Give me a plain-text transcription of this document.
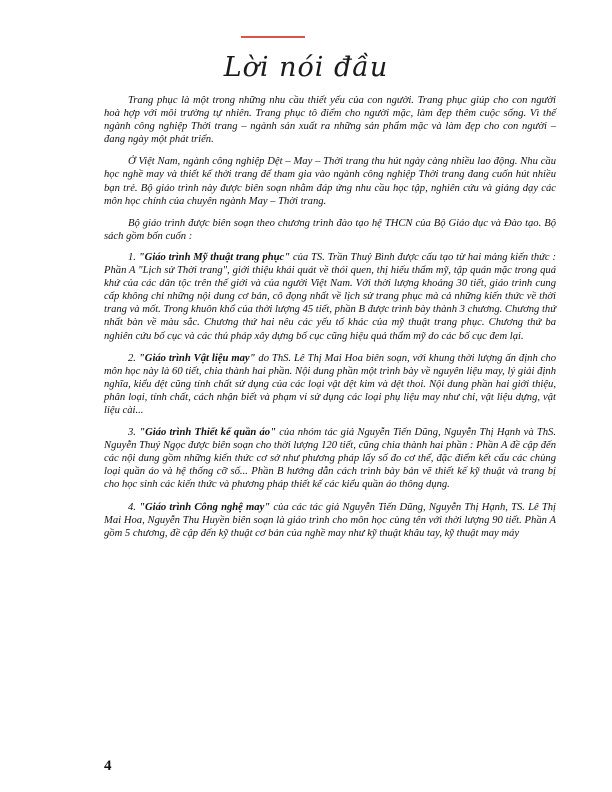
Lời nói đầu

Trang phục là một trong những nhu cầu thiết yếu của con người. Trang phục giúp cho con người hoà hợp với môi trường tự nhiên. Trang phục tô điểm cho người mặc, làm đẹp thêm cuộc sống. Vì thế ngành công nghiệp Thời trang – ngành sản xuất ra những sản phẩm mặc và làm đẹp cho con người – đang ngày một phát triển.

Ở Việt Nam, ngành công nghiệp Dệt – May – Thời trang thu hút ngày càng nhiều lao động. Nhu cầu học nghề may và thiết kế thời trang để tham gia vào ngành công nghiệp Thời trang đang cuốn hút nhiều bạn trẻ. Bộ giáo trình này được biên soạn nhằm đáp ứng nhu cầu học tập, nghiên cứu và giảng dạy các môn học chính của chuyên ngành May – Thời trang.

Bộ giáo trình được biên soạn theo chương trình đào tạo hệ THCN của Bộ Giáo dục và Đào tạo. Bộ sách gồm bốn cuốn :

1. "Giáo trình Mỹ thuật trang phục" của TS. Trần Thuỷ Bình được cấu tạo từ hai mảng kiến thức : Phần A "Lịch sử Thời trang", giới thiệu khái quát về thói quen, thị hiếu thẩm mỹ, tập quán mặc trong quá khứ của các dân tộc trên thế giới và của người Việt Nam. Với thời lượng khoảng 30 tiết, giáo trình cung cấp không chỉ những nội dung cơ bản, cô đọng nhất về lịch sử trang phục mà cả những kiến thức về thời trang và mốt. Trong khuôn khổ của thời lượng 45 tiết, phần B được trình bày thành 3 chương. Chương thứ nhất bàn về màu sắc. Chương thứ hai nêu các yếu tố khác của mỹ thuật trang phục. Chương thứ ba nghiên cứu bố cục và các thủ pháp xây dựng bố cục cũng hiệu quả thẩm mỹ do các bố cục đem lại.

2. "Giáo trình Vật liệu may" do ThS. Lê Thị Mai Hoa biên soạn, với khung thời lượng ấn định cho môn học này là 60 tiết, chia thành hai phần. Nội dung phần một trình bày về nguyên liệu may, lý giải định nghĩa, kiểu dệt cũng tính chất sử dụng của các loại vật dệt kim và dệt thoi. Nội dung phần hai giới thiệu, phân loại, tính chất, cách nhận biết và phạm vi sử dụng các loại phụ liệu may như chỉ, vật liệu dựng, vật liệu cài...

3. "Giáo trình Thiết kế quần áo" của nhóm tác giả Nguyễn Tiến Dũng, Nguyễn Thị Hạnh và ThS. Nguyễn Thuý Ngọc được biên soạn cho thời lượng 120 tiết, cũng chia thành hai phần : Phần A đề cập đến các nội dung gồm những kiến thức cơ sở như phương pháp lấy số đo cơ thể, đặc điểm kết cấu các chủng loại quần áo và hệ thống cỡ số... Phần B hướng dẫn cách trình bày bản vẽ thiết kế kỹ thuật và trang bị cho học sinh các kiến thức và phương pháp thiết kế các kiểu quần áo thông dụng.

4. "Giáo trình Công nghệ may" của các tác giả Nguyễn Tiến Dũng, Nguyễn Thị Hạnh, TS. Lê Thị Mai Hoa, Nguyễn Thu Huyền biên soạn là giáo trình cho môn học cùng tên với thời lượng 90 tiết. Phần A gồm 5 chương, đề cập đến kỹ thuật cơ bản của nghề may như kỹ thuật khâu tay, kỹ thuật may máy

4
